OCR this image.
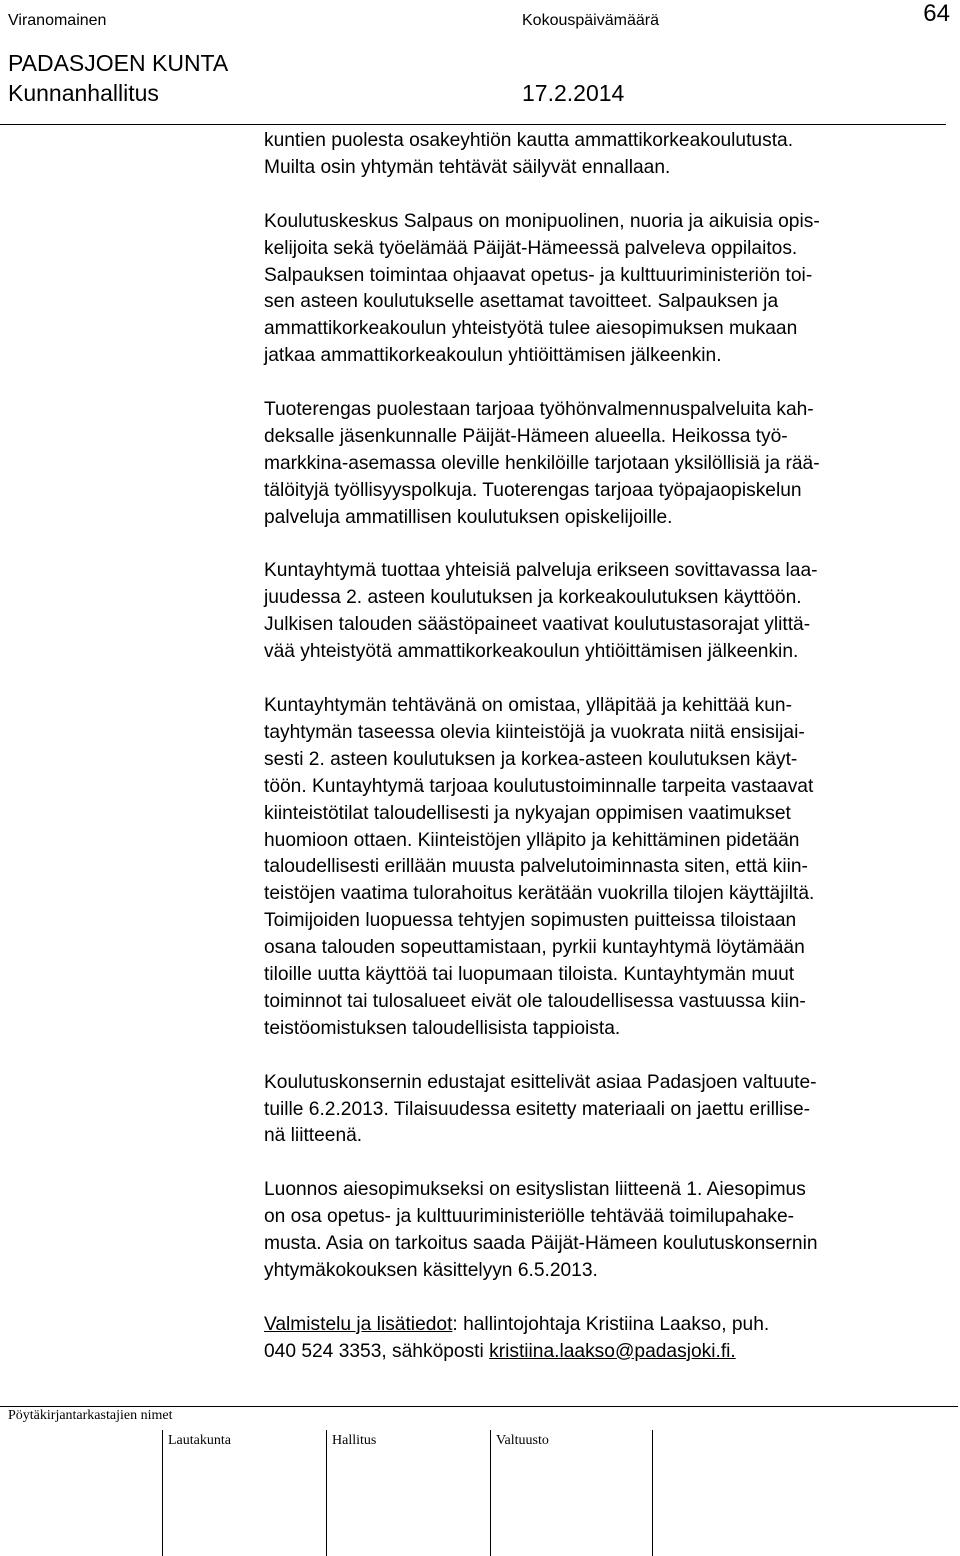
Viranomainen	Kokouspäivämäärä	64
PADASJOEN KUNTA
Kunnanhallitus	17.2.2014

kuntien puolesta osakeyhtiön kautta ammattikorkeakoulutusta.
Muilta osin yhtymän tehtävät säilyvät ennallaan.

Koulutuskeskus Salpaus on monipuolinen, nuoria ja aikuisia opis-
kelijoita sekä työelämää Päijät-Hämeessä palveleva oppilaitos.
Salpauksen toimintaa ohjaavat opetus- ja kulttuuriministeriön toi-
sen asteen koulutukselle asettamat tavoitteet. Salpauksen ja
ammattikorkeakoulun yhteistyötä tulee aiesopimuksen mukaan
jatkaa ammattikorkeakoulun yhtiöittämisen jälkeenkin.

Tuoterengas puolestaan tarjoaa työhönvalmennuspalveluita kah-
deksalle jäsenkunnalle Päijät-Hämeen alueella. Heikossa työ-
markkina-asemassa oleville henkilöille tarjotaan yksilöllisiä ja rää-
tälöityjä työllisyyspolkuja. Tuoterengas tarjoaa työpajaopiskelun
palveluja ammatillisen koulutuksen opiskelijoille.

Kuntayhtymä tuottaa yhteisiä palveluja erikseen sovittavassa laa-
juudessa 2. asteen koulutuksen ja korkeakoulutuksen käyttöön.
Julkisen talouden säästöpaineet vaativat koulutustasorajat ylittä-
vää yhteistyötä ammattikorkeakoulun yhtiöittämisen jälkeenkin.

Kuntayhtymän tehtävänä on omistaa, ylläpitää ja kehittää kun-
tayhtymän taseessa olevia kiinteistöjä ja vuokrata niitä ensisijai-
sesti 2. asteen koulutuksen ja korkea-asteen koulutuksen käyt-
töön. Kuntayhtymä tarjoaa koulutustoiminnalle tarpeita vastaavat
kiinteistötilat taloudellisesti ja nykyajan oppimisen vaatimukset
huomioon ottaen. Kiinteistöjen ylläpito ja kehittäminen pidetään
taloudellisesti erillään muusta palvelutoiminnasta siten, että kiin-
teistöjen vaatima tulorahoitus kerätään vuokrilla tilojen käyttäjiltä.
Toimijoiden luopuessa tehtyjen sopimusten puitteissa tiloistaan
osana talouden sopeuttamistaan, pyrkii kuntayhtymä löytämään
tiloille uutta käyttöä tai luopumaan tiloista. Kuntayhtymän muut
toiminnot tai tulosalueet eivät ole taloudellisessa vastuussa kiin-
teistöomistuksen taloudellisista tappioista.

Koulutuskonsernin edustajat esittelivät asiaa Padasjoen valtuute-
tuille 6.2.2013. Tilaisuudessa esitetty materiaali on jaettu erillise-
nä liitteenä.

Luonnos aiesopimukseksi on esityslistan liitteenä 1. Aiesopimus
on osa opetus- ja kulttuuriministeriölle tehtävää toimilupahake-
musta. Asia on tarkoitus saada Päijät-Hämeen koulutuskonsernin
yhtymäkokouksen käsittelyyn 6.5.2013.

Valmistelu ja lisätiedot: hallintojohtaja Kristiina Laakso, puh.
040 524 3353, sähköposti kristiina.laakso@padasjoki.fi.

Pöytäkirjantarkastajien nimet
Lautakunta	Hallitus	Valtuusto
